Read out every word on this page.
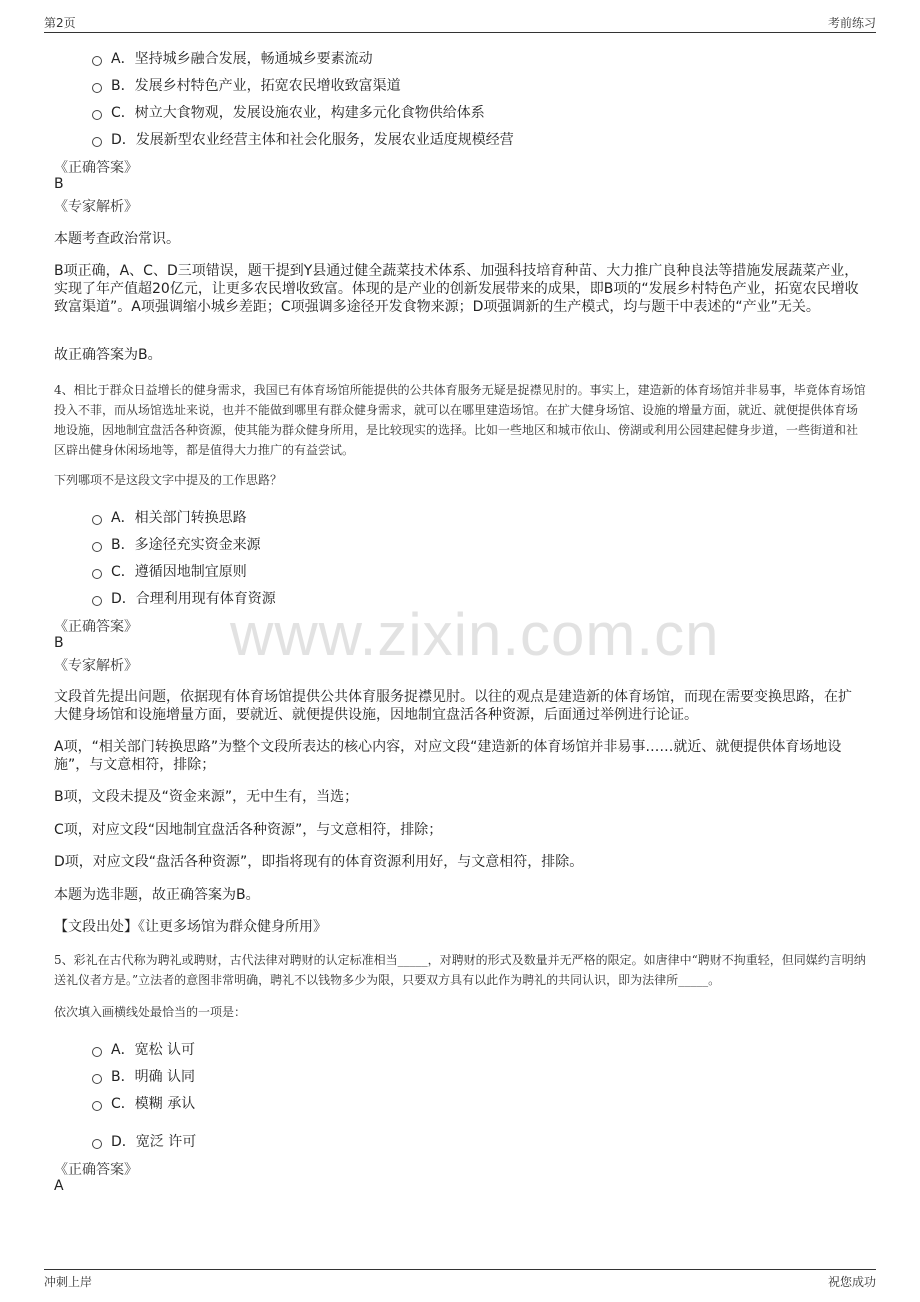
第2页	考前练习
www.zixin.com.cn
A．坚持城乡融合发展，畅通城乡要素流动
B．发展乡村特色产业，拓宽农民增收致富渠道
C．树立大食物观，发展设施农业，构建多元化食物供给体系
D．发展新型农业经营主体和社会化服务，发展农业适度规模经营
《正确答案》
B
《专家解析》
本题考查政治常识。
B项正确，A、C、D三项错误，题干提到Y县通过健全蔬菜技术体系、加强科技培育种苗、大力推广良种良法等措施发展蔬菜产业，实现了年产值超20亿元，让更多农民增收致富。体现的是产业的创新发展带来的成果，即B项的“发展乡村特色产业，拓宽农民增收致富渠道”。A项强调缩小城乡差距；C项强调多途径开发食物来源；D项强调新的生产模式，均与题干中表述的“产业”无关。
故正确答案为B。
4、相比于群众日益增长的健身需求，我国已有体育场馆所能提供的公共体育服务无疑是捉襟见肘的。事实上，建造新的体育场馆并非易事，毕竟体育场馆投入不菲，而从场馆选址来说，也并不能做到哪里有群众健身需求，就可以在哪里建造场馆。在扩大健身场馆、设施的增量方面，就近、就便提供体育场地设施，因地制宜盘活各种资源，使其能为群众健身所用，是比较现实的选择。比如一些地区和城市依山、傍湖或利用公园建起健身步道，一些街道和社区辟出健身休闲场地等，都是值得大力推广的有益尝试。
下列哪项不是这段文字中提及的工作思路？
A．相关部门转换思路
B．多途径充实资金来源
C．遵循因地制宜原则
D．合理利用现有体育资源
《正确答案》
B
《专家解析》
文段首先提出问题，依据现有体育场馆提供公共体育服务捉襟见肘。以往的观点是建造新的体育场馆，而现在需要变换思路，在扩大健身场馆和设施增量方面，要就近、就便提供设施，因地制宜盘活各种资源，后面通过举例进行论证。
A项，“相关部门转换思路”为整个文段所表达的核心内容，对应文段“建造新的体育场馆并非易事……就近、就便提供体育场地设施”，与文意相符，排除；
B项，文段未提及“资金来源”，无中生有，当选；
C项，对应文段“因地制宜盘活各种资源”，与文意相符，排除；
D项，对应文段“盘活各种资源”，即指将现有的体育资源利用好，与文意相符，排除。
本题为选非题，故正确答案为B。
【文段出处】《让更多场馆为群众健身所用》
5、彩礼在古代称为聘礼或聘财，古代法律对聘财的认定标准相当_____，对聘财的形式及数量并无严格的限定。如唐律中“聘财不拘重轻，但同媒约言明纳送礼仪者方是。”立法者的意图非常明确，聘礼不以钱物多少为限，只要双方具有以此作为聘礼的共同认识，即为法律所_____。
依次填入画横线处最恰当的一项是：
A．宽松 认可
B．明确 认同
C．模糊 承认
D．宽泛 许可
《正确答案》
A
冲刺上岸	祝您成功
